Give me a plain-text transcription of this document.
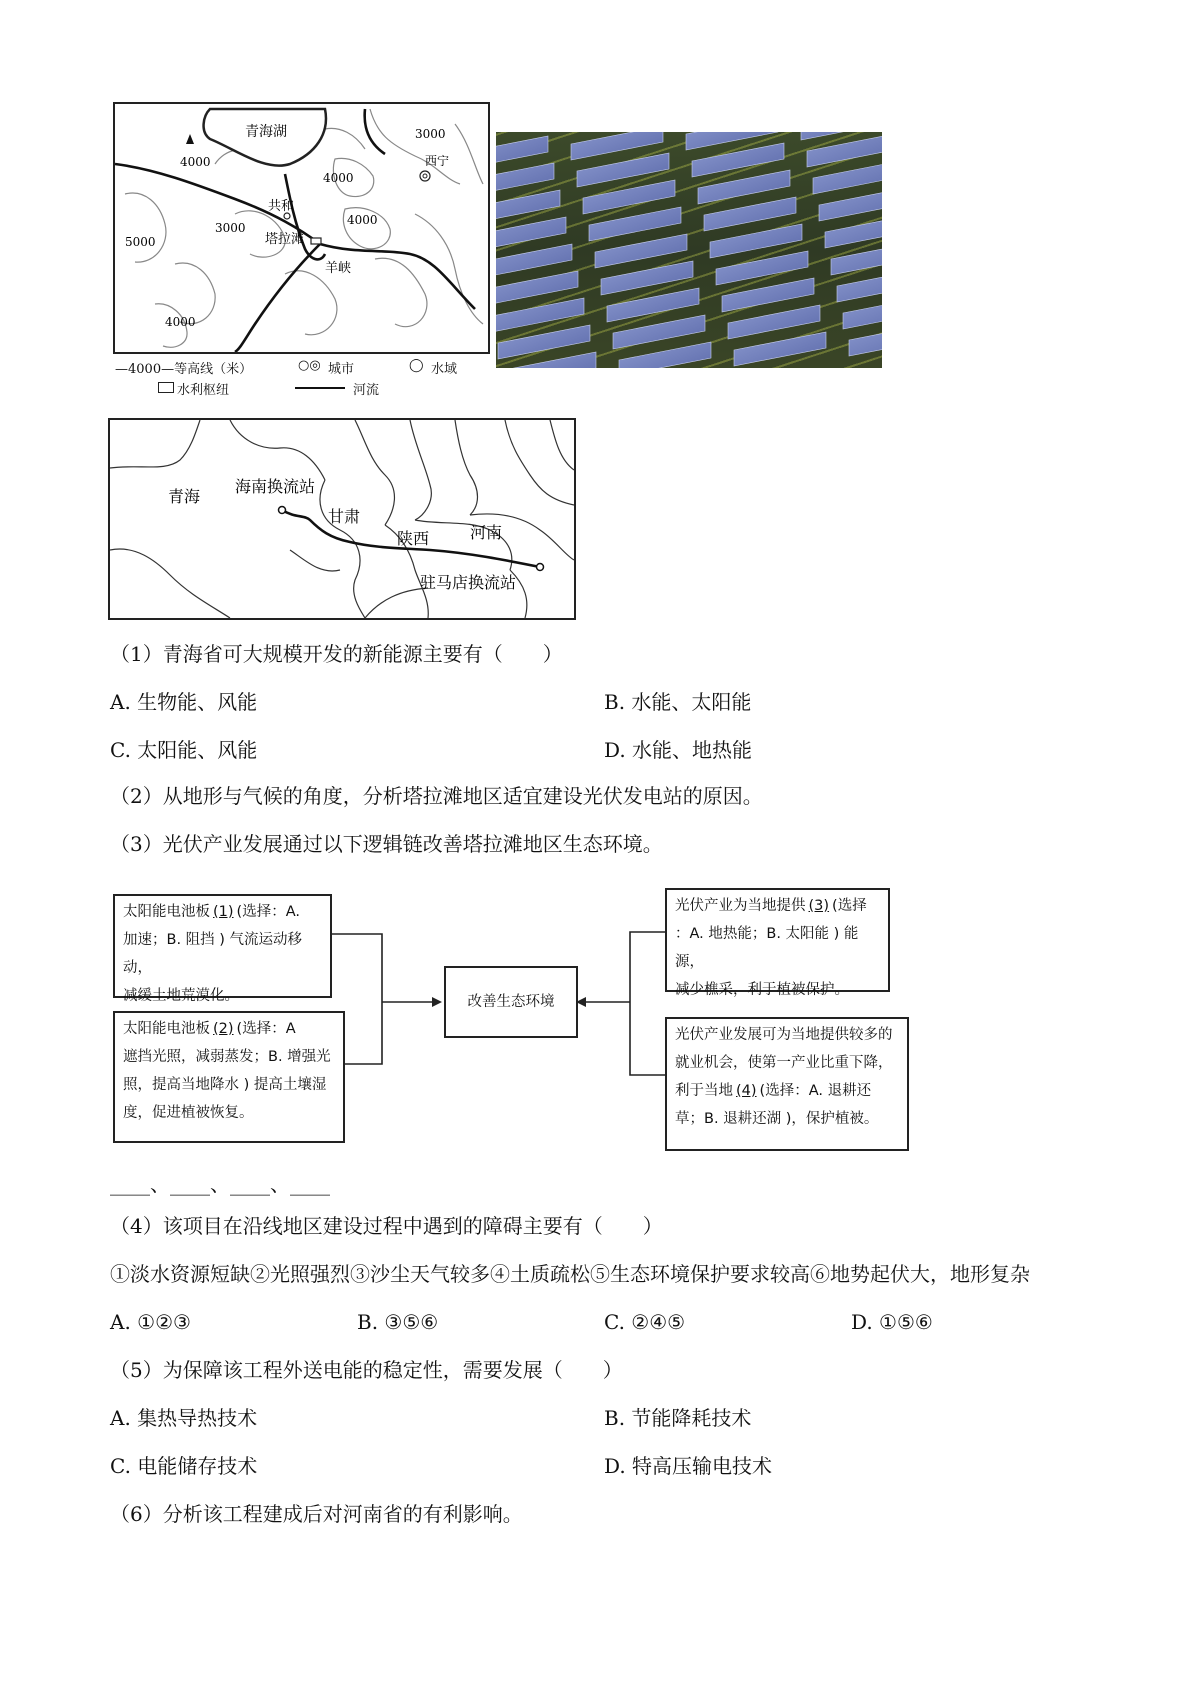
青海湖	3000
4000
4000
西宁
共和
4000
3000
塔拉滩
5000
羊峡
4000
—4000—等高线（米）	○◎ 城市	◯ 水域
水利枢纽	河流
青海
海南换流站
甘肃
陕西	河南
驻马店换流站
（1）青海省可大规模开发的新能源主要有（　　）
A. 生物能、风能	B. 水能、太阳能
C. 太阳能、风能	D. 水能、地热能
（2）从地形与气候的角度，分析塔拉滩地区适宜建设光伏发电站的原因。
（3）光伏产业发展通过以下逻辑链改善塔拉滩地区生态环境。
太阳能电池板 (1) (选择：A.
加速；B. 阻挡 ) 气流运动移动，
减缓土地荒漠化。
太阳能电池板 (2) (选择：A
遮挡光照，减弱蒸发；B. 增强光
照，提高当地降水 ) 提高土壤湿
度，促进植被恢复。
改善生态环境
光伏产业为当地提供 (3) (选择
：A. 地热能；B. 太阳能 ) 能源，
减少樵采，利于植被保护。
光伏产业发展可为当地提供较多的
就业机会，使第一产业比重下降，
利于当地 (4) (选择：A. 退耕还
草；B. 退耕还湖 )，保护植被。
____、____、____、____
（4）该项目在沿线地区建设过程中遇到的障碍主要有（　　）
①淡水资源短缺②光照强烈③沙尘天气较多④土质疏松⑤生态环境保护要求较高⑥地势起伏大，地形复杂
A. ①②③	B. ③⑤⑥	C. ②④⑤	D. ①⑤⑥
（5）为保障该工程外送电能的稳定性，需要发展（　　）
A. 集热导热技术	B. 节能降耗技术
C. 电能储存技术	D. 特高压输电技术
（6）分析该工程建成后对河南省的有利影响。
